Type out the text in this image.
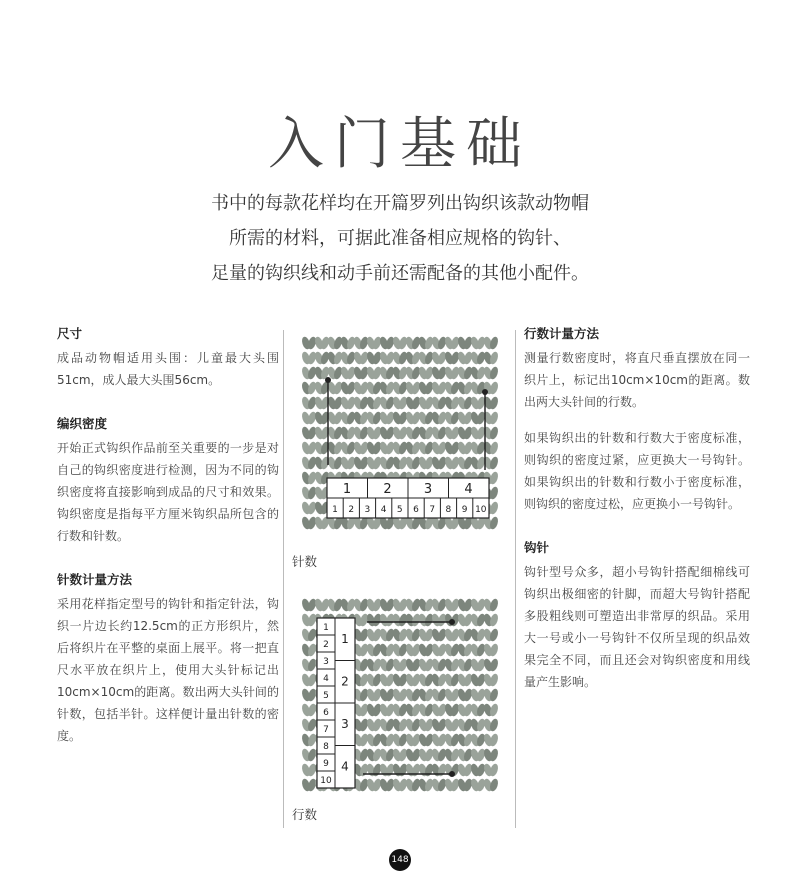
入门基础
书中的每款花样均在开篇罗列出钩织该款动物帽
所需的材料，可据此准备相应规格的钩针、
足量的钩织线和动手前还需配备的其他小配件。
尺寸

成品动物帽适用头围：儿童最大头围51cm，成人最大头围56cm。

编织密度

开始正式钩织作品前至关重要的一步是对自己的钩织密度进行检测，因为不同的钩织密度将直接影响到成品的尺寸和效果。钩织密度是指每平方厘米钩织品所包含的行数和针数。

针数计量方法

采用花样指定型号的钩针和指定针法，钩织一片边长约12.5cm的正方形织片，然后将织片在平整的桌面上展平。将一把直尺水平放在织片上，使用大头针标记出10cm×10cm的距离。数出两大头针间的针数，包括半针。这样便计量出针数的密度。

1 2 3 4
1 2 3 4 5 6 7 8 9 10
针数
1
2
3
4
5
6
7
8
9
10
1
2
3
4
行数
行数计量方法

测量行数密度时，将直尺垂直摆放在同一织片上，标记出10cm×10cm的距离。数出两大头针间的行数。

如果钩织出的针数和行数大于密度标准，则钩织的密度过紧，应更换大一号钩针。如果钩织出的针数和行数小于密度标准，则钩织的密度过松，应更换小一号钩针。

钩针

钩针型号众多，超小号钩针搭配细棉线可钩织出极细密的针脚，而超大号钩针搭配多股粗线则可塑造出非常厚的织品。采用大一号或小一号钩针不仅所呈现的织品效果完全不同，而且还会对钩织密度和用线量产生影响。

148
